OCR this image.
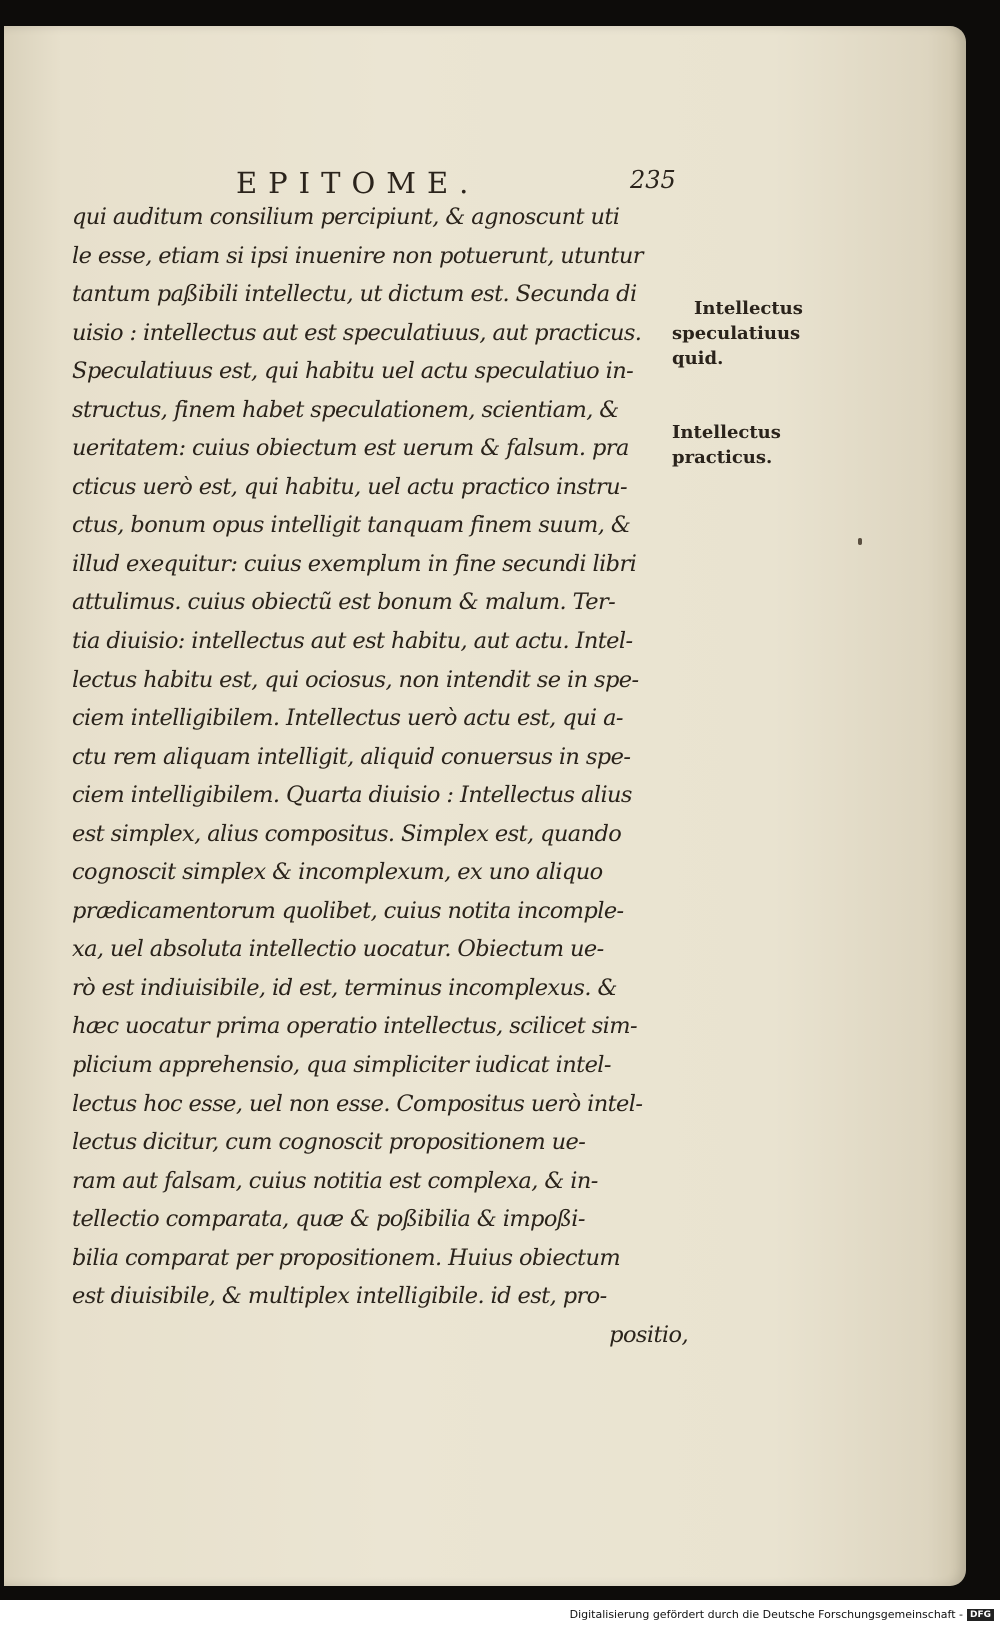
EPITOME.	235
qui auditum consilium percipiunt, & agnoscunt uti
le esse, etiam si ipsi inuenire non potuerunt, utuntur
tantum paßibili intellectu, ut dictum est. Secunda di
uisio : intellectus aut est speculatiuus, aut practicus.
Speculatiuus est, qui habitu uel actu speculatiuo in-
structus, finem habet speculationem, scientiam, &
ueritatem: cuius obiectum est uerum & falsum. pra
cticus uerò est, qui habitu, uel actu practico instru-
ctus, bonum opus intelligit tanquam finem suum, &
illud exequitur: cuius exemplum in fine secundi libri
attulimus. cuius obiectũ est bonum & malum. Ter-
tia diuisio: intellectus aut est habitu, aut actu. Intel-
lectus habitu est, qui ociosus, non intendit se in spe-
ciem intelligibilem. Intellectus uerò actu est, qui a-
ctu rem aliquam intelligit, aliquid conuersus in spe-
ciem intelligibilem. Quarta diuisio : Intellectus alius
est simplex, alius compositus. Simplex est, quando
cognoscit simplex & incomplexum, ex uno aliquo
prædicamentorum quolibet, cuius notita incomple-
xa, uel absoluta intellectio uocatur. Obiectum ue-
rò est indiuisibile, id est, terminus incomplexus. &
hæc uocatur prima operatio intellectus, scilicet sim-
plicium apprehensio, qua simpliciter iudicat intel-
lectus hoc esse, uel non esse. Compositus uerò intel-
lectus dicitur, cum cognoscit propositionem ue-
ram aut falsam, cuius notitia est complexa, & in-
tellectio comparata, quæ & poßibilia & impoßi-
bilia comparat per propositionem. Huius obiectum
est diuisibile, & multiplex intelligibile. id est, pro-
positio,
Intellectus
speculatiuus
quid.
Intellectus
practicus.
Digitalisierung gefördert durch die Deutsche Forschungsgemeinschaft - DFG
